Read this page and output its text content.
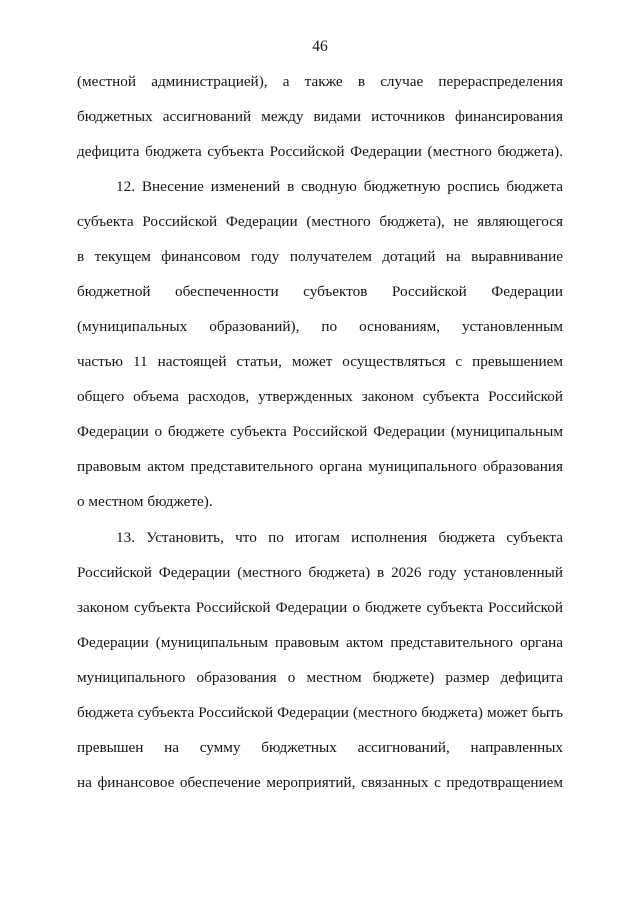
46
(местной администрацией), а также в случае перераспределения
бюджетных ассигнований между видами источников финансирования
дефицита бюджета субъекта Российской Федерации (местного бюджета).
12. Внесение изменений в сводную бюджетную роспись бюджета
субъекта Российской Федерации (местного бюджета), не являющегося
в текущем финансовом году получателем дотаций на выравнивание
бюджетной обеспеченности субъектов Российской Федерации
(муниципальных образований), по основаниям, установленным
частью 11 настоящей статьи, может осуществляться с превышением
общего объема расходов, утвержденных законом субъекта Российской
Федерации о бюджете субъекта Российской Федерации (муниципальным
правовым актом представительного органа муниципального образования
о местном бюджете).
13. Установить, что по итогам исполнения бюджета субъекта
Российской Федерации (местного бюджета) в 2026 году установленный
законом субъекта Российской Федерации о бюджете субъекта Российской
Федерации (муниципальным правовым актом представительного органа
муниципального образования о местном бюджете) размер дефицита
бюджета субъекта Российской Федерации (местного бюджета) может быть
превышен на сумму бюджетных ассигнований, направленных
на финансовое обеспечение мероприятий, связанных с предотвращением
